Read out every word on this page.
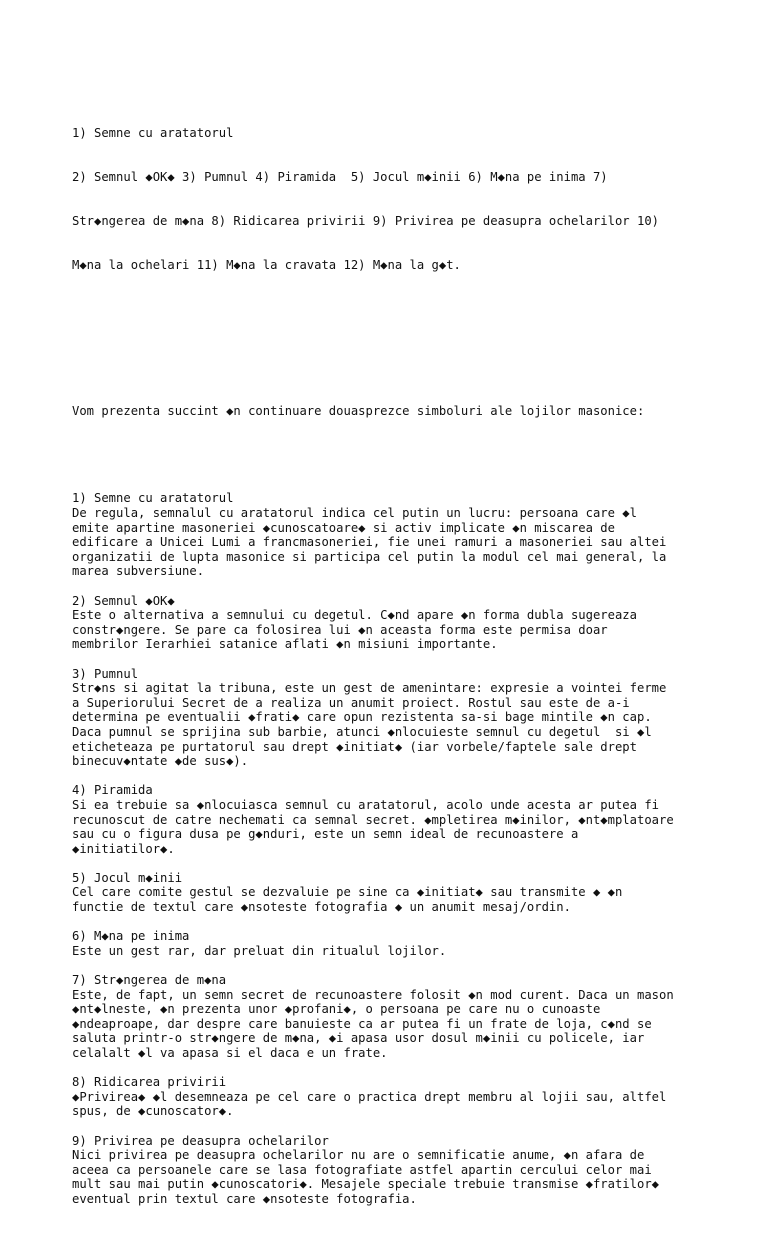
1) Semne cu aratatorul

2) Semnul ◆OK◆ 3) Pumnul 4) Piramida  5) Jocul m◆inii 6) M◆na pe inima 7)

Str◆ngerea de m◆na 8) Ridicarea privirii 9) Privirea pe deasupra ochelarilor 10)

M◆na la ochelari 11) M◆na la cravata 12) M◆na la g◆t.

Vom prezenta succint ◆n continuare douasprezce simboluri ale lojilor masonice:

1) Semne cu aratatorul
De regula, semnalul cu aratatorul indica cel putin un lucru: persoana care ◆l
emite apartine masoneriei ◆cunoscatoare◆ si activ implicate ◆n miscarea de
edificare a Unicei Lumi a francmasoneriei, fie unei ramuri a masoneriei sau altei
organizatii de lupta masonice si participa cel putin la modul cel mai general, la
marea subversiune.
2) Semnul ◆OK◆
Este o alternativa a semnului cu degetul. C◆nd apare ◆n forma dubla sugereaza
constr◆ngere. Se pare ca folosirea lui ◆n aceasta forma este permisa doar
membrilor Ierarhiei satanice aflati ◆n misiuni importante.
3) Pumnul
Str◆ns si agitat la tribuna, este un gest de amenintare: expresie a vointei ferme
a Superiorului Secret de a realiza un anumit proiect. Rostul sau este de a-i
determina pe eventualii ◆frati◆ care opun rezistenta sa-si bage mintile ◆n cap.
Daca pumnul se sprijina sub barbie, atunci ◆nlocuieste semnul cu degetul  si ◆l
eticheteaza pe purtatorul sau drept ◆initiat◆ (iar vorbele/faptele sale drept
binecuv◆ntate ◆de sus◆).
4) Piramida
Si ea trebuie sa ◆nlocuiasca semnul cu aratatorul, acolo unde acesta ar putea fi
recunoscut de catre nechemati ca semnal secret. ◆mpletirea m◆inilor, ◆nt◆mplatoare
sau cu o figura dusa pe g◆nduri, este un semn ideal de recunoastere a
◆initiatilor◆.
5) Jocul m◆inii
Cel care comite gestul se dezvaluie pe sine ca ◆initiat◆ sau transmite ◆ ◆n
functie de textul care ◆nsoteste fotografia ◆ un anumit mesaj/ordin.
6) M◆na pe inima
Este un gest rar, dar preluat din ritualul lojilor.
7) Str◆ngerea de m◆na
Este, de fapt, un semn secret de recunoastere folosit ◆n mod curent. Daca un mason
◆nt◆lneste, ◆n prezenta unor ◆profani◆, o persoana pe care nu o cunoaste
◆ndeaproape, dar despre care banuieste ca ar putea fi un frate de loja, c◆nd se
saluta printr-o str◆ngere de m◆na, ◆i apasa usor dosul m◆inii cu policele, iar
celalalt ◆l va apasa si el daca e un frate.
8) Ridicarea privirii
◆Privirea◆ ◆l desemneaza pe cel care o practica drept membru al lojii sau, altfel
spus, de ◆cunoscator◆.
9) Privirea pe deasupra ochelarilor
Nici privirea pe deasupra ochelarilor nu are o semnificatie anume, ◆n afara de
aceea ca persoanele care se lasa fotografiate astfel apartin cercului celor mai
mult sau mai putin ◆cunoscatori◆. Mesajele speciale trebuie transmise ◆fratilor◆
eventual prin textul care ◆nsoteste fotografia.
